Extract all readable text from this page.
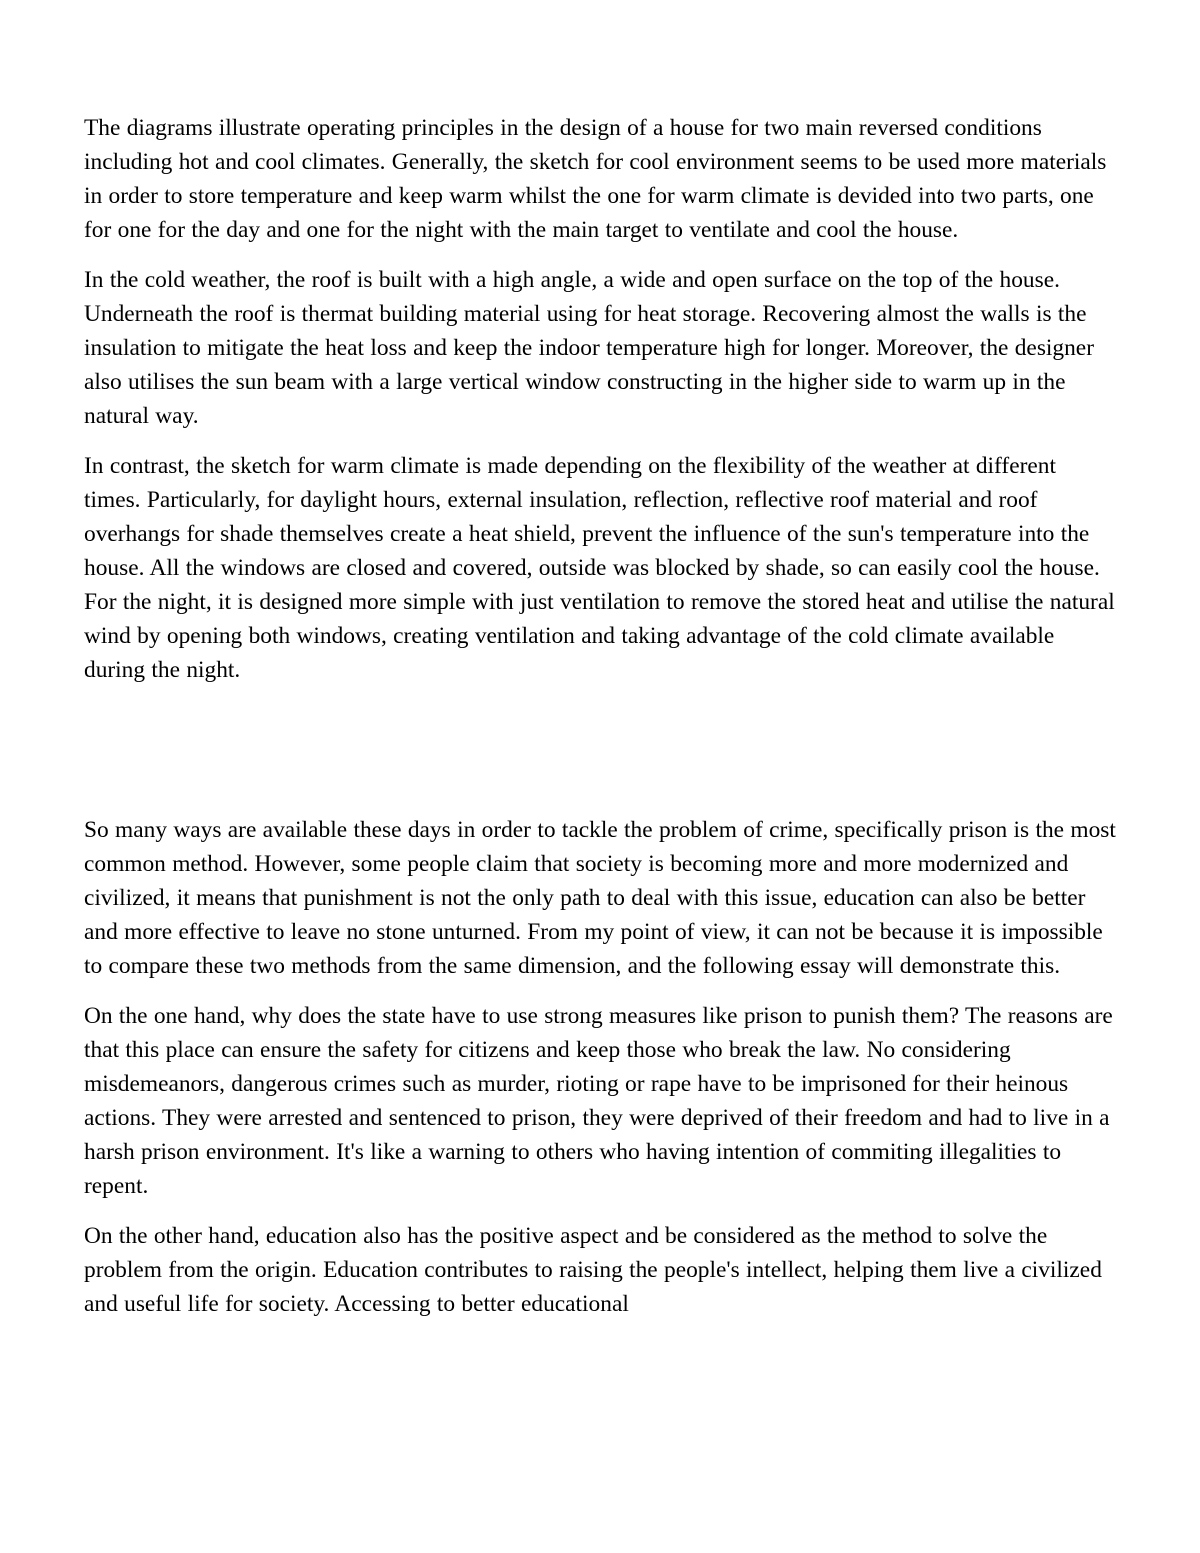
The diagrams illustrate operating principles in the design of a house for two main reversed conditions including hot and cool climates. Generally, the sketch for cool environment seems to be used more materials in order to store temperature and keep warm whilst the one for warm climate is devided into two parts, one for one for the day and one for the night with the main target to ventilate and cool the house.

In the cold weather, the roof is built with a high angle, a wide and open surface on the top of the house. Underneath the roof is thermat building material using for heat storage. Recovering almost the walls is the insulation to mitigate the heat loss and keep the indoor temperature high for longer. Moreover, the designer also utilises the sun beam with a large vertical window constructing in the higher side to warm up in the natural way.

In contrast, the sketch for warm climate is made depending on the flexibility of the weather at different times. Particularly, for daylight hours, external insulation, reflection, reflective roof material and roof overhangs for shade themselves create a heat shield, prevent the influence of the sun's temperature into the house. All the windows are closed and covered, outside was blocked by shade, so can easily cool the house. For the night, it is designed more simple with just ventilation to remove the stored heat and utilise the natural wind by opening both windows, creating ventilation and taking advantage of the cold climate available during the night.

So many ways are available these days in order to tackle the problem of crime, specifically prison is the most common method. However, some people claim that society is becoming more and more modernized and civilized, it means that punishment is not the only path to deal with this issue, education can also be better and more effective to leave no stone unturned. From my point of view, it can not be because it is impossible to compare these two methods from the same dimension, and the following essay will demonstrate this.

On the one hand, why does the state have to use strong measures like prison to punish them? The reasons are that this place can ensure the safety for citizens and keep those who break the law. No considering misdemeanors, dangerous crimes such as murder, rioting or rape have to be imprisoned for their heinous actions. They were arrested and sentenced to prison, they were deprived of their freedom and had to live in a harsh prison environment. It's like a warning to others who having intention of commiting illegalities to repent.

On the other hand, education also has the positive aspect and be considered as the method to solve the problem from the origin. Education contributes to raising the people's intellect, helping them live a civilized and useful life for society. Accessing to better educational
